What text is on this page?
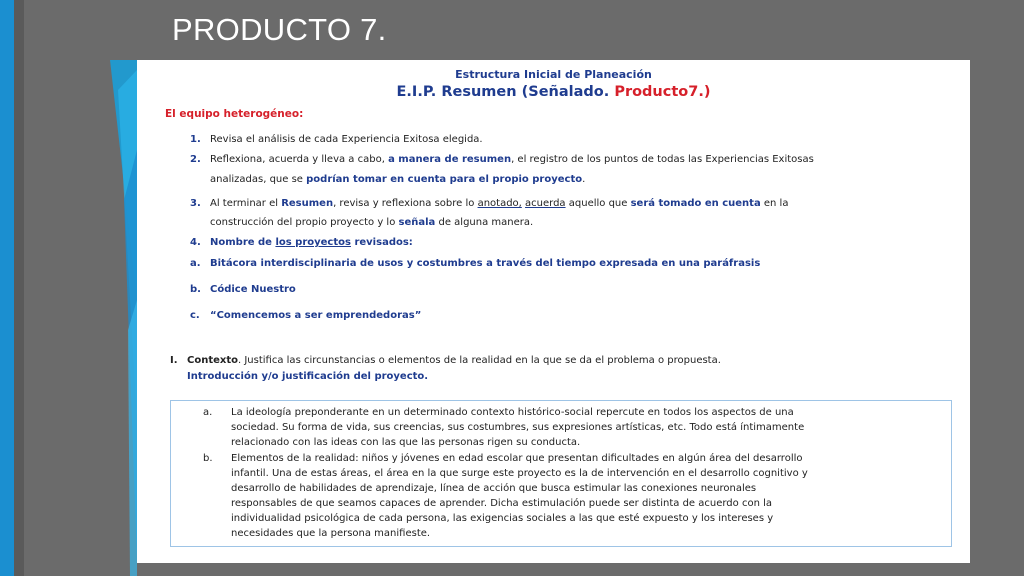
PRODUCTO 7.
Estructura Inicial de Planeación
E.I.P. Resumen (Señalado. Producto7.)
El equipo heterogéneo:
1. Revisa el análisis de cada Experiencia Exitosa elegida.
2. Reflexiona, acuerda y lleva a cabo, a manera de resumen, el registro de los puntos de todas las Experiencias Exitosas
analizadas, que se podrían tomar en cuenta para el propio proyecto.
3. Al terminar el Resumen, revisa y reflexiona sobre lo anotado, acuerda aquello que será tomado en cuenta en la
construcción del propio proyecto y lo señala de alguna manera.
4. Nombre de los proyectos revisados:
a. Bitácora interdisciplinaria de usos y costumbres a través del tiempo expresada en una paráfrasis
b. Códice Nuestro
c. “Comencemos a ser emprendedoras”
I. Contexto. Justifica las circunstancias o elementos de la realidad en la que se da el problema o propuesta.
Introducción y/o justificación del proyecto.
a. La ideología preponderante en un determinado contexto histórico-social repercute en todos los aspectos de una
sociedad. Su forma de vida, sus creencias, sus costumbres, sus expresiones artísticas, etc. Todo está íntimamente
relacionado con las ideas con las que las personas rigen su conducta.
b. Elementos de la realidad: niños y jóvenes en edad escolar que presentan dificultades en algún área del desarrollo
infantil. Una de estas áreas, el área en la que surge este proyecto es la de intervención en el desarrollo cognitivo y
desarrollo de habilidades de aprendizaje, línea de acción que busca estimular las conexiones neuronales
responsables de que seamos capaces de aprender. Dicha estimulación puede ser distinta de acuerdo con la
individualidad psicológica de cada persona, las exigencias sociales a las que esté expuesto y los intereses y
necesidades que la persona manifieste.
